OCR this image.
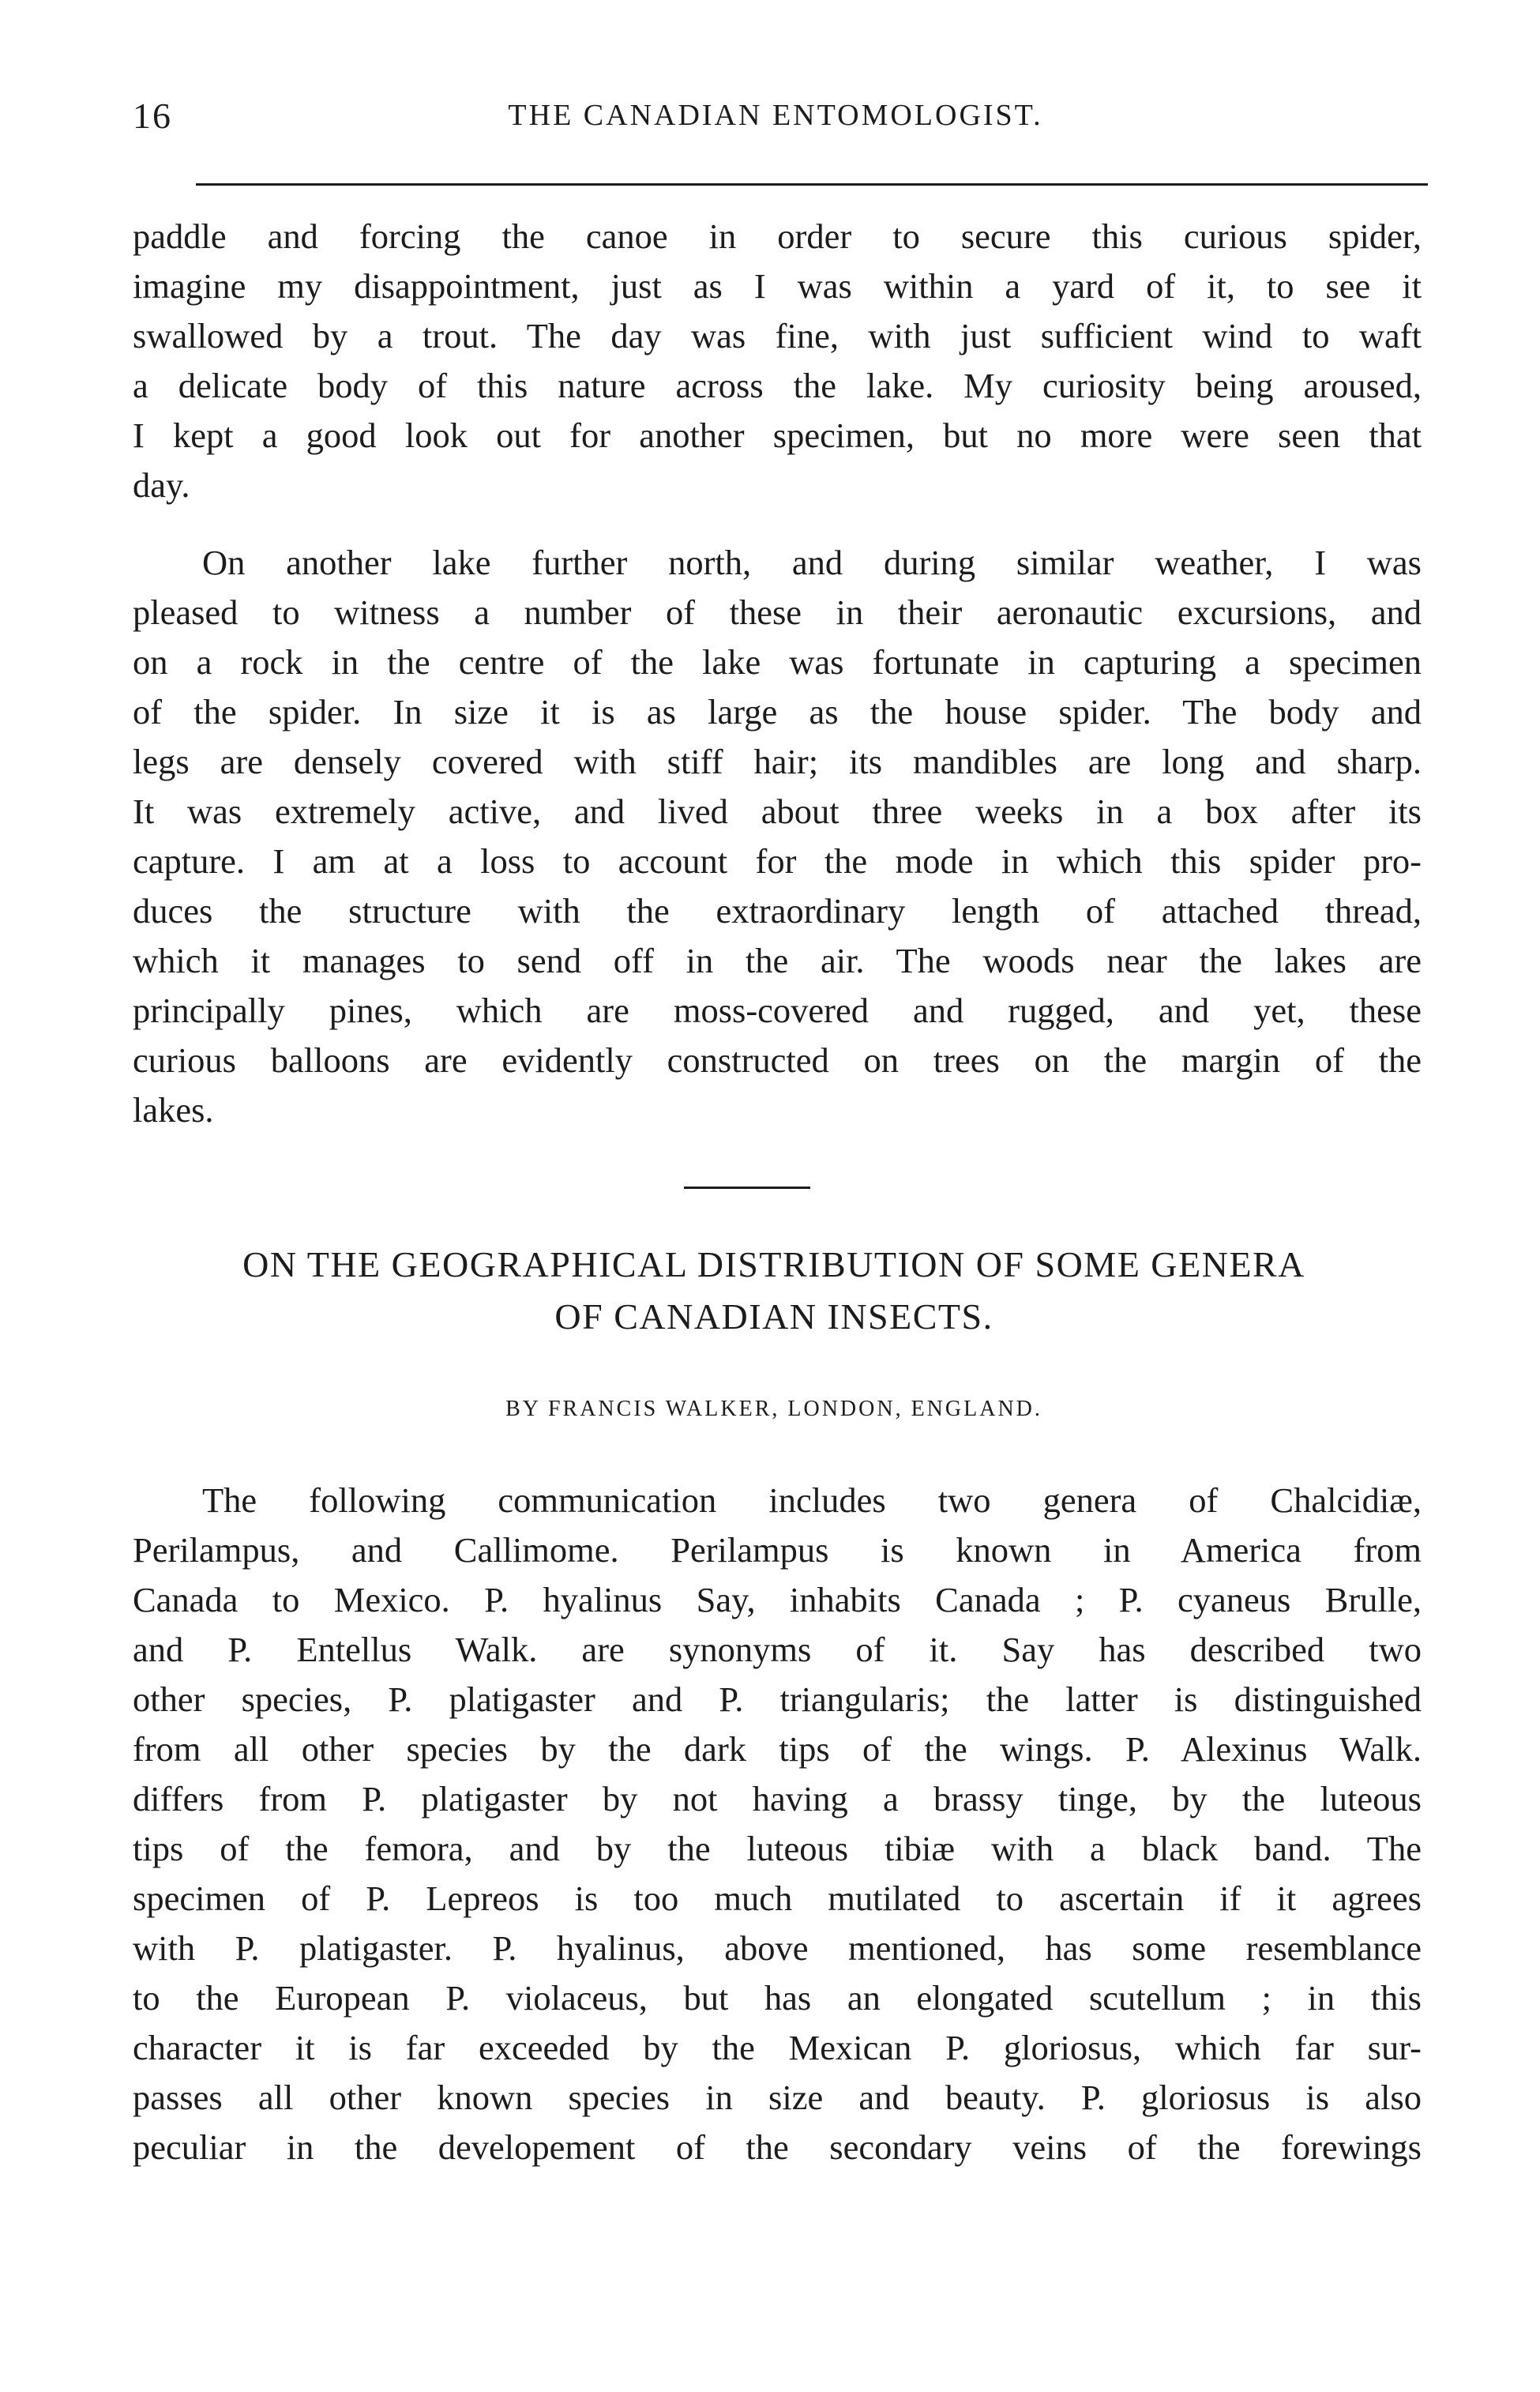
16	THE CANADIAN ENTOMOLOGIST.
paddle and forcing the canoe in order to secure this curious spider,
imagine my disappointment, just as I was within a yard of it, to see it
swallowed by a trout. The day was fine, with just sufficient wind to waft
a delicate body of this nature across the lake. My curiosity being aroused,
I kept a good look out for another specimen, but no more were seen that
day.
On another lake further north, and during similar weather, I was
pleased to witness a number of these in their aeronautic excursions, and
on a rock in the centre of the lake was fortunate in capturing a specimen
of the spider. In size it is as large as the house spider. The body and
legs are densely covered with stiff hair; its mandibles are long and sharp.
It was extremely active, and lived about three weeks in a box after its
capture. I am at a loss to account for the mode in which this spider pro-
duces the structure with the extraordinary length of attached thread,
which it manages to send off in the air. The woods near the lakes are
principally pines, which are moss-covered and rugged, and yet, these
curious balloons are evidently constructed on trees on the margin of the
lakes.
ON THE GEOGRAPHICAL DISTRIBUTION OF SOME GENERA
OF CANADIAN INSECTS.
BY FRANCIS WALKER, LONDON, ENGLAND.
The following communication includes two genera of Chalcidiæ,
Perilampus, and Callimome. Perilampus is known in America from
Canada to Mexico. P. hyalinus Say, inhabits Canada ; P. cyaneus Brulle,
and P. Entellus Walk. are synonyms of it. Say has described two
other species, P. platigaster and P. triangularis; the latter is distinguished
from all other species by the dark tips of the wings. P. Alexinus Walk.
differs from P. platigaster by not having a brassy tinge, by the luteous
tips of the femora, and by the luteous tibiæ with a black band. The
specimen of P. Lepreos is too much mutilated to ascertain if it agrees
with P. platigaster. P. hyalinus, above mentioned, has some resemblance
to the European P. violaceus, but has an elongated scutellum ; in this
character it is far exceeded by the Mexican P. gloriosus, which far sur-
passes all other known species in size and beauty. P. gloriosus is also
peculiar in the developement of the secondary veins of the forewings
